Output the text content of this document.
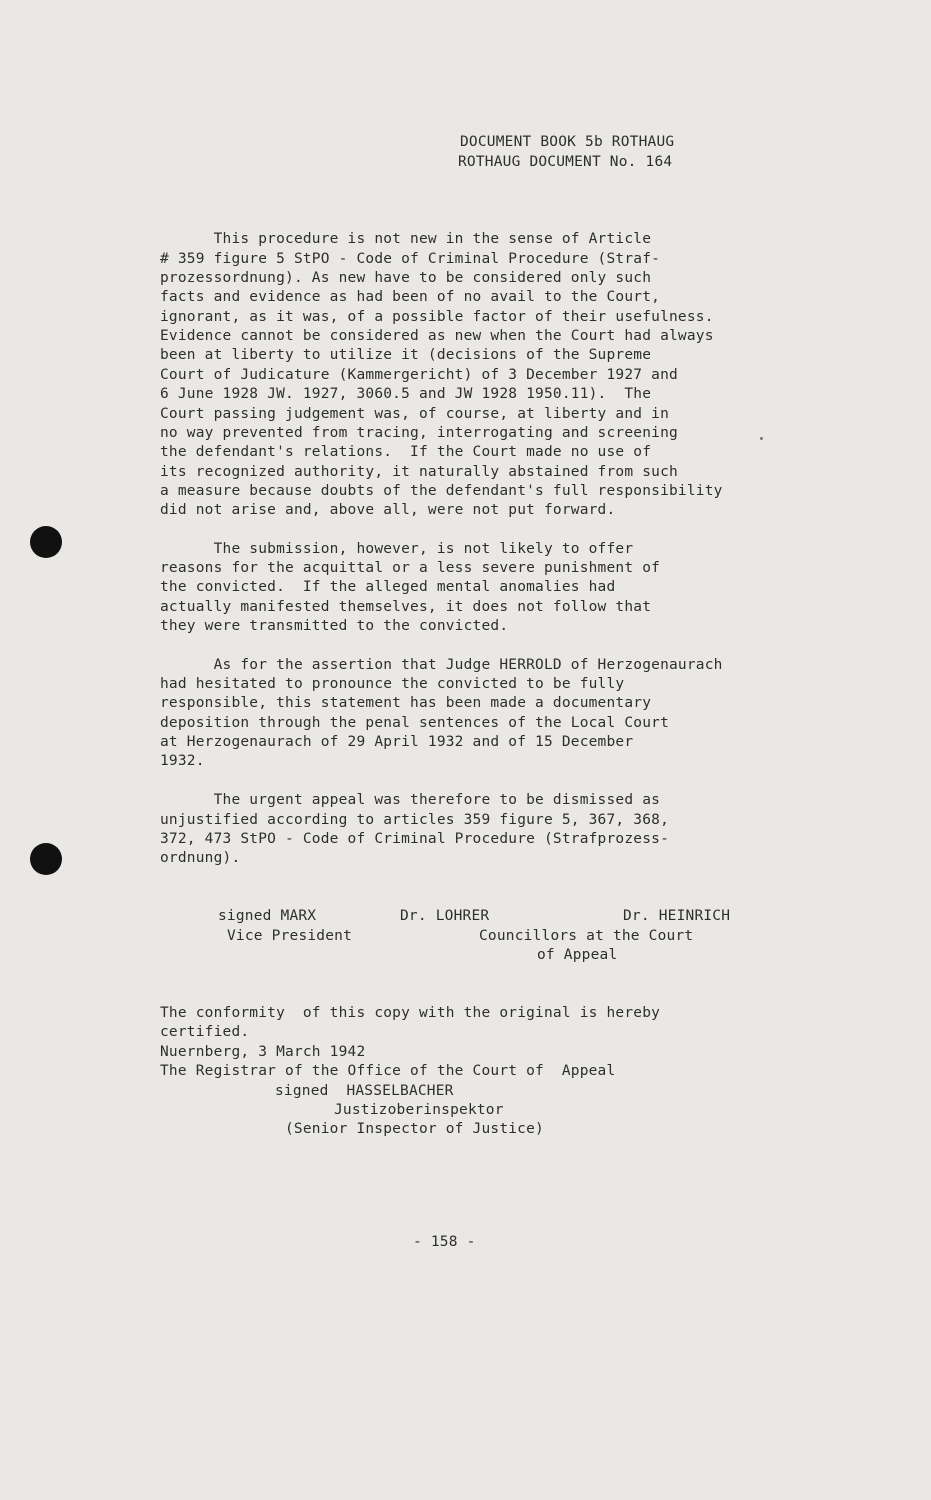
DOCUMENT BOOK 5b ROTHAUG
ROTHAUG DOCUMENT No. 164
This procedure is not new in the sense of Article
# 359 figure 5 StPO - Code of Criminal Procedure (Straf-
prozessordnung). As new have to be considered only such
facts and evidence as had been of no avail to the Court,
ignorant, as it was, of a possible factor of their usefulness.
Evidence cannot be considered as new when the Court had always
been at liberty to utilize it (decisions of the Supreme
Court of Judicature (Kammergericht) of 3 December 1927 and
6 June 1928 JW. 1927, 3060.5 and JW 1928 1950.11).  The
Court passing judgement was, of course, at liberty and in
no way prevented from tracing, interrogating and screening
the defendant's relations.  If the Court made no use of
its recognized authority, it naturally abstained from such
a measure because doubts of the defendant's full responsibility
did not arise and, above all, were not put forward.
The submission, however, is not likely to offer
reasons for the acquittal or a less severe punishment of
the convicted.  If the alleged mental anomalies had
actually manifested themselves, it does not follow that
they were transmitted to the convicted.
As for the assertion that Judge HERROLD of Herzogenaurach
had hesitated to pronounce the convicted to be fully
responsible, this statement has been made a documentary
deposition through the penal sentences of the Local Court
at Herzogenaurach of 29 April 1932 and of 15 December
1932.
The urgent appeal was therefore to be dismissed as
unjustified according to articles 359 figure 5, 367, 368,
372, 473 StPO - Code of Criminal Procedure (Strafprozess-
ordnung).
signed MARX
Vice President
Dr. LOHRER	Dr. HEINRICH
Councillors at the Court
of Appeal
The conformity  of this copy with the original is hereby
certified.
Nuernberg, 3 March 1942
The Registrar of the Office of the Court of  Appeal
signed  HASSELBACHER
Justizoberinspektor
(Senior Inspector of Justice)
- 158 -
